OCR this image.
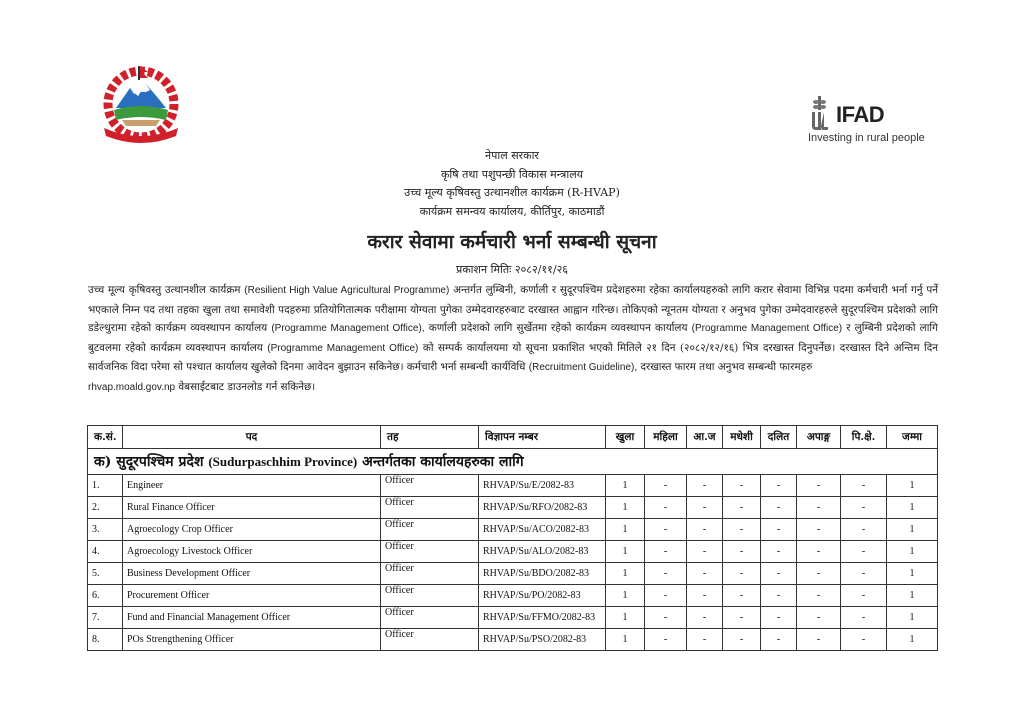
IFAD
Investing in rural people
नेपाल सरकार
कृषि तथा पशुपन्छी विकास मन्त्रालय
उच्च मूल्य कृषिवस्तु उत्थानशील कार्यक्रम (R-HVAP)
कार्यक्रम समन्वय कार्यालय, कीर्तिपुर, काठमाडौं
करार सेवामा कर्मचारी भर्ना सम्बन्धी सूचना
प्रकाशन मितिः २०८२/११/२६
उच्च मूल्य कृषिवस्तु उत्थानशील कार्यक्रम (Resilient High Value Agricultural Programme) अन्तर्गत लुम्बिनी, कर्णाली र सुदूरपश्चिम प्रदेशहरुमा रहेका कार्यालयहरुको लागि करार सेवामा विभिन्न पदमा कर्मचारी भर्ना गर्नु पर्ने भएकाले निम्न पद तथा तहका खुला तथा समावेशी पदहरुमा प्रतियोगितात्मक परीक्षामा योग्यता पुगेका उम्मेदवारहरुबाट दरखास्त आह्वान गरिन्छ। तोकिएको न्यूनतम योग्यता र अनुभव पुगेका उम्मेदवारहरुले सुदूरपश्चिम प्रदेशको लागि डडेल्धुरामा रहेको कार्यक्रम व्यवस्थापन कार्यालय (Programme Management Office), कर्णाली प्रदेशको लागि सुर्खेतमा रहेको कार्यक्रम व्यवस्थापन कार्यालय (Programme Management Office) र लुम्बिनी प्रदेशको लागि बुटवलमा रहेको कार्यक्रम व्यवस्थापन कार्यालय (Programme Management Office) को सम्पर्क कार्यालयमा यो सूचना प्रकाशित भएको मितिले २१ दिन (२०८२/१२/१६) भित्र दरखास्त दिनुपर्नेछ। दरखास्त दिने अन्तिम दिन सार्वजनिक विदा परेमा सो पश्चात कार्यालय खुलेको दिनमा आवेदन बुझाउन सकिनेछ। कर्मचारी भर्ना सम्बन्धी कार्यविधि (Recruitment Guideline), दरखास्त फारम तथा अनुभव सम्बन्धी फारमहरु
rhvap.moald.gov.np वेबसाईटबाट डाउनलोड गर्न सकिनेछ।
क) सुदूरपश्चिम प्रदेश (Sudurpaschhim Province) अन्तर्गतका कार्यालयहरुका लागि											
क.सं.	पद	तह	विज्ञापन नम्बर	खुला	महिला	आ.ज	मधेशी	दलित	अपाङ्ग	पि.क्षे.	जम्मा
1.	Engineer	Officer	RHVAP/Su/E/2082-83	1	-	-	-	-	-	-	1
2.	Rural Finance Officer	Officer	RHVAP/Su/RFO/2082-83	1	-	-	-	-	-	-	1
3.	Agroecology Crop Officer	Officer	RHVAP/Su/ACO/2082-83	1	-	-	-	-	-	-	1
4.	Agroecology Livestock Officer	Officer	RHVAP/Su/ALO/2082-83	1	-	-	-	-	-	-	1
5.	Business Development Officer	Officer	RHVAP/Su/BDO/2082-83	1	-	-	-	-	-	-	1
6.	Procurement Officer	Officer	RHVAP/Su/PO/2082-83	1	-	-	-	-	-	-	1
7.	Fund and Financial Management Officer	Officer	RHVAP/Su/FFMO/2082-83	1	-	-	-	-	-	-	1
8.	POs Strengthening Officer	Officer	RHVAP/Su/PSO/2082-83	1	-	-	-	-	-	-	1
